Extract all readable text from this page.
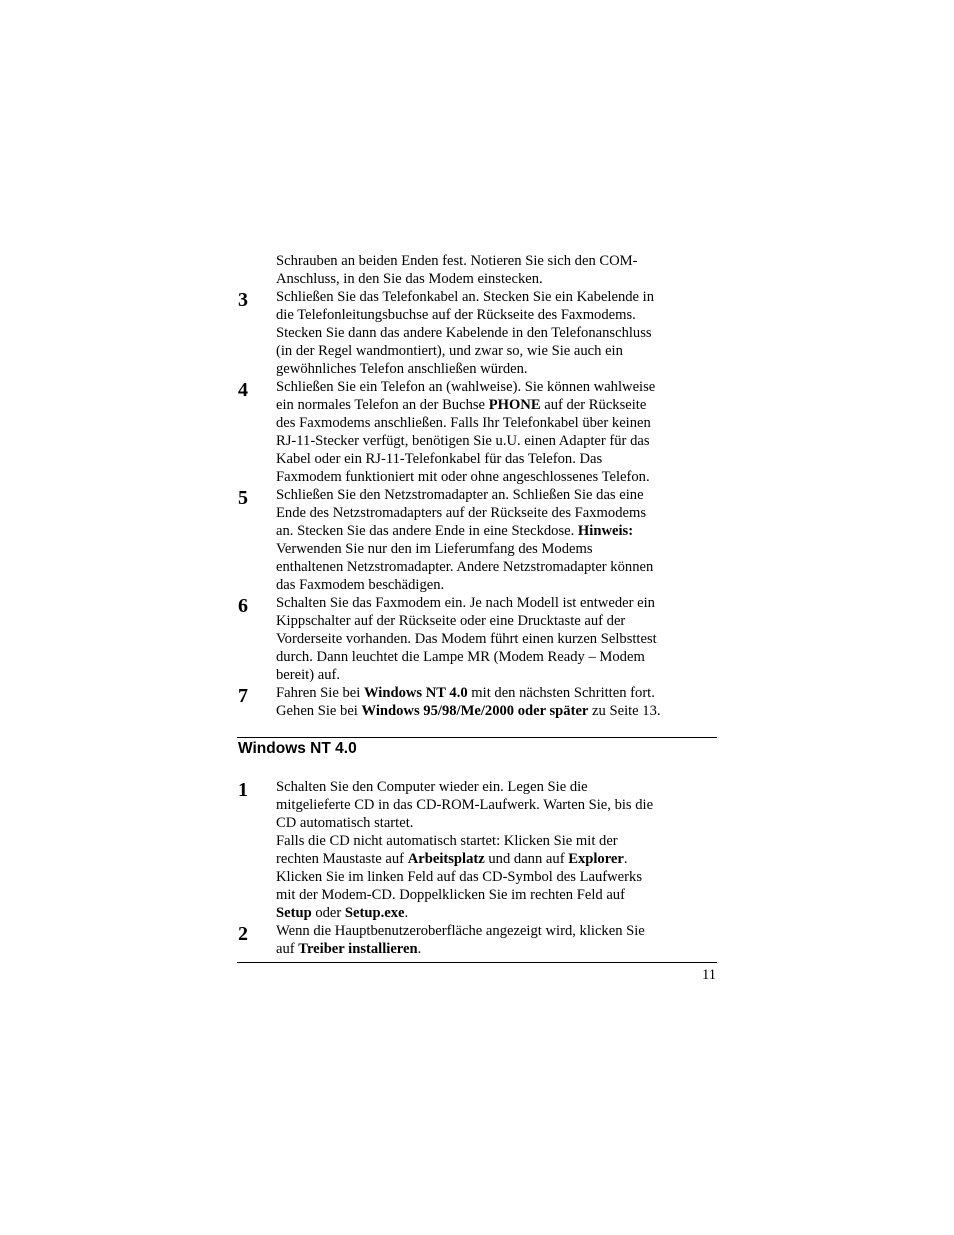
Schrauben an beiden Enden fest. Notieren Sie sich den COM-
Anschluss, in den Sie das Modem einstecken.
3	Schließen Sie das Telefonkabel an. Stecken Sie ein Kabelende in
die Telefonleitungsbuchse auf der Rückseite des Faxmodems.
Stecken Sie dann das andere Kabelende in den Telefonanschluss
(in der Regel wandmontiert), und zwar so, wie Sie auch ein
gewöhnliches Telefon anschließen würden.
4	Schließen Sie ein Telefon an (wahlweise). Sie können wahlweise
ein normales Telefon an der Buchse PHONE auf der Rückseite
des Faxmodems anschließen. Falls Ihr Telefonkabel über keinen
RJ-11-Stecker verfügt, benötigen Sie u.U. einen Adapter für das
Kabel oder ein RJ-11-Telefonkabel für das Telefon. Das
Faxmodem funktioniert mit oder ohne angeschlossenes Telefon.
5	Schließen Sie den Netzstromadapter an. Schließen Sie das eine
Ende des Netzstromadapters auf der Rückseite des Faxmodems
an. Stecken Sie das andere Ende in eine Steckdose. Hinweis:
Verwenden Sie nur den im Lieferumfang des Modems
enthaltenen Netzstromadapter. Andere Netzstromadapter können
das Faxmodem beschädigen.
6	Schalten Sie das Faxmodem ein. Je nach Modell ist entweder ein
Kippschalter auf der Rückseite oder eine Drucktaste auf der
Vorderseite vorhanden. Das Modem führt einen kurzen Selbsttest
durch. Dann leuchtet die Lampe MR (Modem Ready – Modem
bereit) auf.
7	Fahren Sie bei Windows NT 4.0 mit den nächsten Schritten fort.
Gehen Sie bei Windows 95/98/Me/2000 oder später zu Seite 13.
Windows NT 4.0
1	Schalten Sie den Computer wieder ein. Legen Sie die
mitgelieferte CD in das CD-ROM-Laufwerk. Warten Sie, bis die
CD automatisch startet.
Falls die CD nicht automatisch startet: Klicken Sie mit der
rechten Maustaste auf Arbeitsplatz und dann auf Explorer.
Klicken Sie im linken Feld auf das CD-Symbol des Laufwerks
mit der Modem-CD. Doppelklicken Sie im rechten Feld auf
Setup oder Setup.exe.
2	Wenn die Hauptbenutzeroberfläche angezeigt wird, klicken Sie
auf Treiber installieren.
11
